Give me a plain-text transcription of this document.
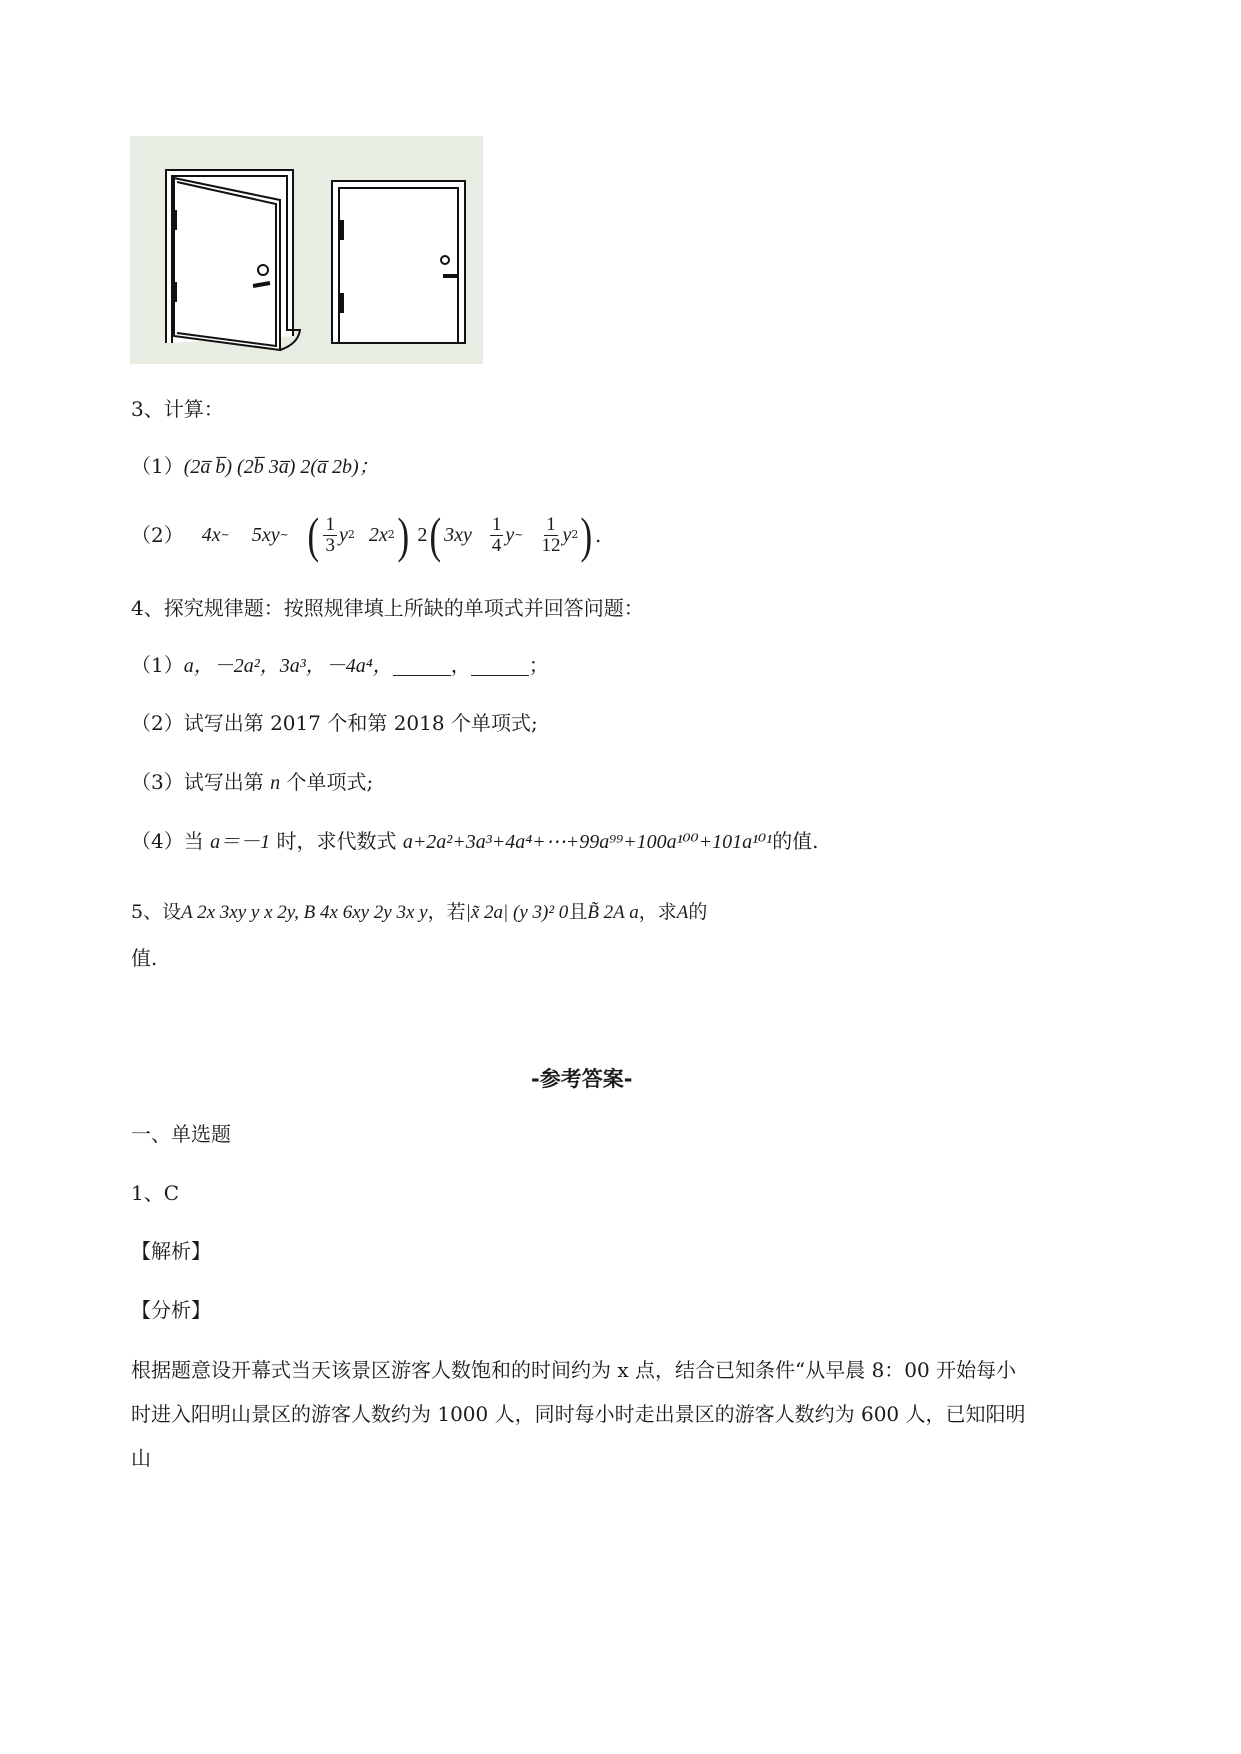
3、计算：
（1）(2a̅ b̅) (2b̅ 3a̅) 2(a̅ 2b)；
（2） 4x ~ 5xy ~ ( $\frac{1}{3}$ y 2 2x 2 ) 2 ( $3xy \frac{1}{4}$ y ~ $\frac{1}{12}$ y 2 ) .
4、探究规律题：按照规律填上所缺的单项式并回答问题：
（1）a，－2a²，3a³，－4a⁴，	，	；
（2）试写出第 2017 个和第 2018 个单项式;
（3）试写出第 n 个单项式;
（4）当 a＝－1 时，求代数式 a+2a²+3a³+4a⁴+⋯+99a⁹⁹+100a¹⁰⁰+101a¹⁰¹的值.
5、设A 2x 3xy y x 2y, B 4x 6xy 2y 3x y，若|x̃ 2a| (y 3)² 0且B̃ 2A a，求A的
值.
-参考答案-
一、单选题
1、C
【解析】
【分析】
根据题意设开幕式当天该景区游客人数饱和的时间约为 x 点，结合已知条件“从早晨 8：00 开始每小时进入阳明山景区的游客人数约为 1000 人，同时每小时走出景区的游客人数约为 600 人，已知阳明山
